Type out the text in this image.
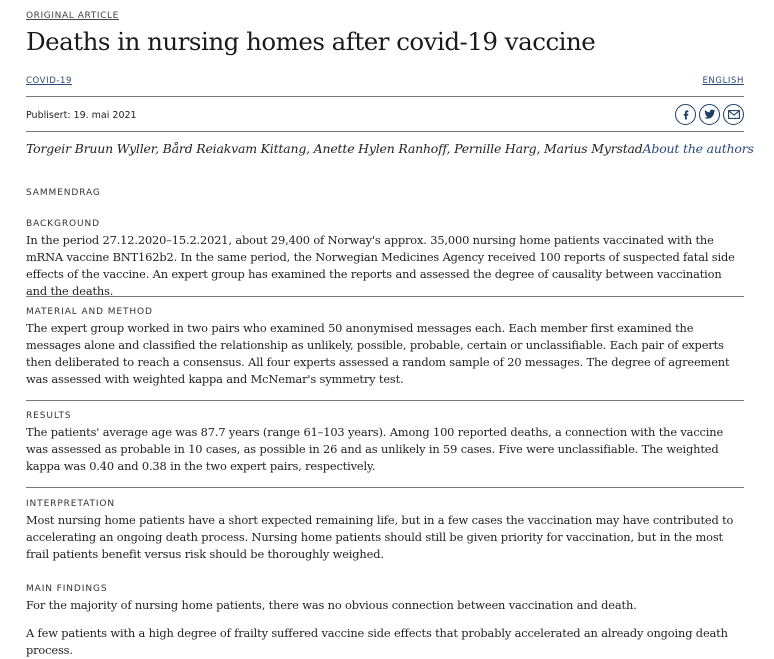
ORIGINAL ARTICLE
Deaths in nursing homes after covid-19 vaccine
COVID-19	ENGLISH
Publisert: 19. mai 2021
Torgeir Bruun Wyller, Bård Reiakvam Kittang, Anette Hylen Ranhoff, Pernille Harg, Marius MyrstadAbout the authors
SAMMENDRAG
BACKGROUND

In the period 27.12.2020–15.2.2021, about 29,400 of Norway's approx. 35,000 nursing home patients vaccinated with the mRNA vaccine BNT162b2. In the same period, the Norwegian Medicines Agency received 100 reports of suspected fatal side effects of the vaccine. An expert group has examined the reports and assessed the degree of causality between vaccination and the deaths.

MATERIAL AND METHOD

The expert group worked in two pairs who examined 50 anonymised messages each. Each member first examined the messages alone and classified the relationship as unlikely, possible, probable, certain or unclassifiable. Each pair of experts then deliberated to reach a consensus. All four experts assessed a random sample of 20 messages. The degree of agreement was assessed with weighted kappa and McNemar's symmetry test.

RESULTS

The patients' average age was 87.7 years (range 61–103 years). Among 100 reported deaths, a connection with the vaccine was assessed as probable in 10 cases, as possible in 26 and as unlikely in 59 cases. Five were unclassifiable. The weighted kappa was 0.40 and 0.38 in the two expert pairs, respectively.

INTERPRETATION

Most nursing home patients have a short expected remaining life, but in a few cases the vaccination may have contributed to accelerating an ongoing death process. Nursing home patients should still be given priority for vaccination, but in the most frail patients benefit versus risk should be thoroughly weighed.

MAIN FINDINGS

For the majority of nursing home patients, there was no obvious connection between vaccination and death.

A few patients with a high degree of frailty suffered vaccine side effects that probably accelerated an already ongoing death process.
